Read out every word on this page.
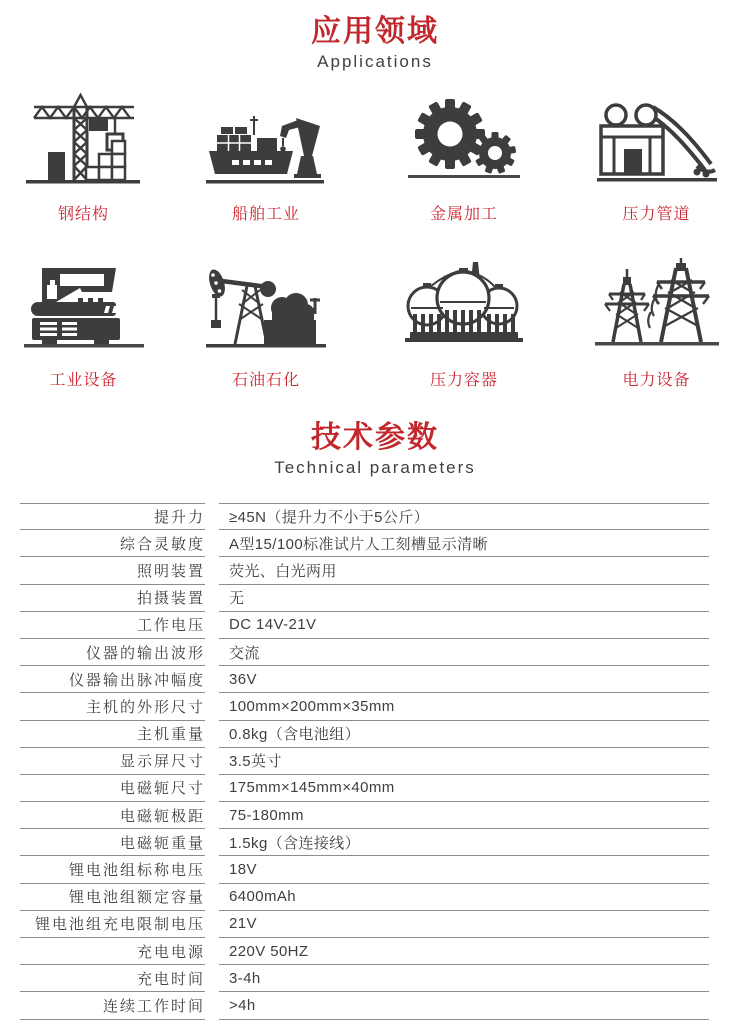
应用领域
Applications
钢结构	船舶工业	金属加工	压力管道
工业设备	石油石化	压力容器	电力设备
技术参数
Technical parameters
提升力	≥45N（提升力不小于5公斤）
综合灵敏度	A型15/100标准试片人工刻槽显示清晰
照明装置	荧光、白光两用
拍摄装置	无
工作电压	DC 14V-21V
仪器的输出波形	交流
仪器输出脉冲幅度	36V
主机的外形尺寸	100mm×200mm×35mm
主机重量	0.8kg（含电池组）
显示屏尺寸	3.5英寸
电磁轭尺寸	175mm×145mm×40mm
电磁轭极距	75-180mm
电磁轭重量	1.5kg（含连接线）
锂电池组标称电压	18V
锂电池组额定容量	6400mAh
锂电池组充电限制电压	21V
充电电源	220V 50HZ
充电时间	3-4h
连续工作时间	>4h
